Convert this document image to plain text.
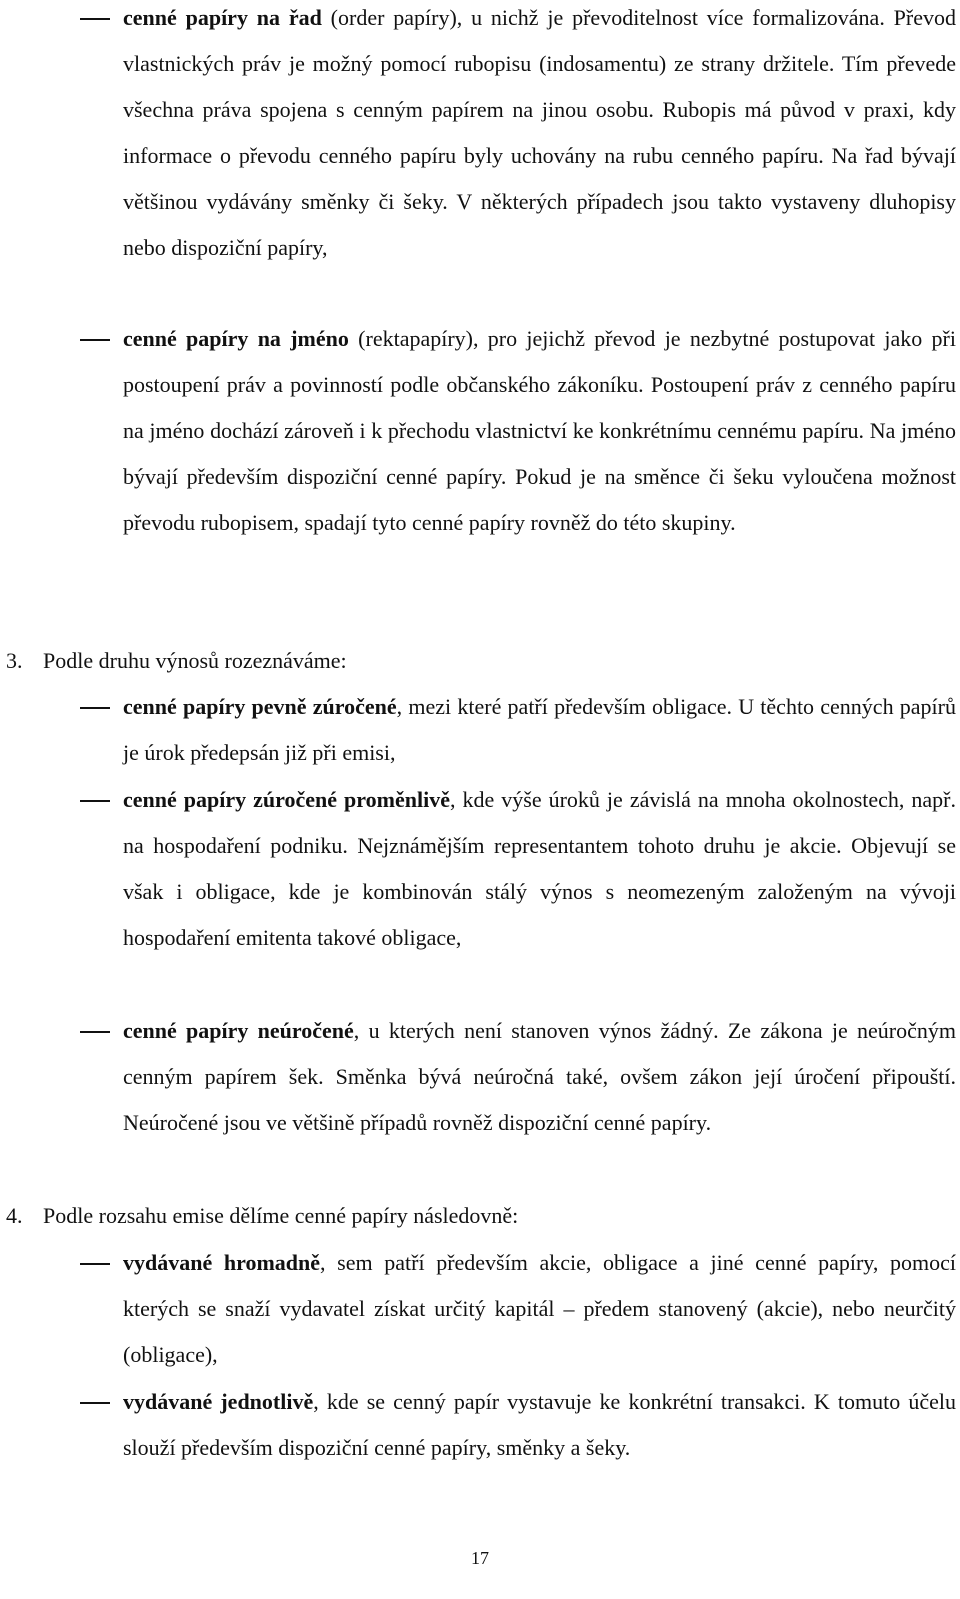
cenné papíry na řad (order papíry), u nichž je převoditelnost více formalizována. Převod vlastnických práv je možný pomocí rubopisu (indosamentu) ze strany držitele. Tím převede všechna práva spojena s cenným papírem na jinou osobu. Rubopis má původ v praxi, kdy informace o převodu cenného papíru byly uchovány na rubu cenného papíru. Na řad bývají většinou vydávány směnky či šeky. V některých případech jsou takto vystaveny dluhopisy nebo dispoziční papíry,
cenné papíry na jméno (rektapapíry), pro jejichž převod je nezbytné postupovat jako při postoupení práv a povinností podle občanského zákoníku. Postoupení práv z cenného papíru na jméno dochází zároveň i k přechodu vlastnictví ke konkrétnímu cennému papíru. Na jméno bývají především dispoziční cenné papíry. Pokud je na směnce či šeku vyloučena možnost převodu rubopisem, spadají tyto cenné papíry rovněž do této skupiny.
3. Podle druhu výnosů rozeznáváme:
cenné papíry pevně zúročené, mezi které patří především obligace. U těchto cenných papírů je úrok předepsán již při emisi,
cenné papíry zúročené proměnlivě, kde výše úroků je závislá na mnoha okolnostech, např. na hospodaření podniku. Nejznámějším representantem tohoto druhu je akcie. Objevují se však i obligace, kde je kombinován stálý výnos s neomezeným založeným na vývoji hospodaření emitenta takové obligace,
cenné papíry neúročené, u kterých není stanoven výnos žádný. Ze zákona je neúročným cenným papírem šek. Směnka bývá neúročná také, ovšem zákon její úročení připouští. Neúročené jsou ve většině případů rovněž dispoziční cenné papíry.
4. Podle rozsahu emise dělíme cenné papíry následovně:
vydávané hromadně, sem patří především akcie, obligace a jiné cenné papíry, pomocí kterých se snaží vydavatel získat určitý kapitál – předem stanovený (akcie), nebo neurčitý (obligace),
vydávané jednotlivě, kde se cenný papír vystavuje ke konkrétní transakci. K tomuto účelu slouží především dispoziční cenné papíry, směnky a šeky.
17
